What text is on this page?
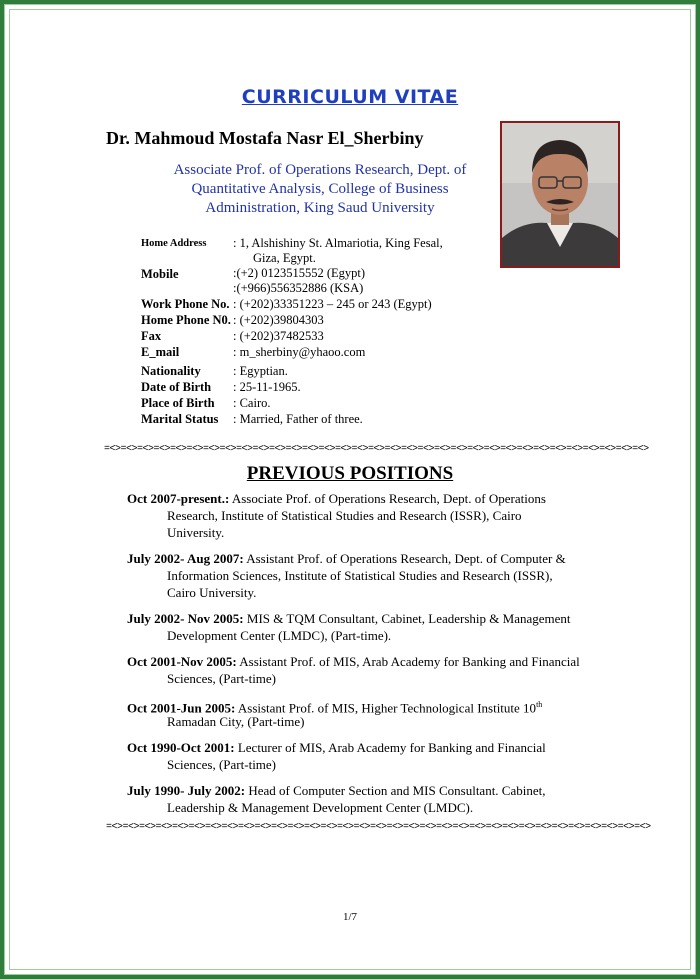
CURRICULUM VITAE
Dr. Mahmoud Mostafa Nasr El_Sherbiny
Associate Prof. of Operations Research, Dept. of
Quantitative Analysis, College of Business
Administration, King Saud University
Home Address : 1, Alshishiny St. Almariotia, King Fesal,
Giza, Egypt.
Mobile	:(+2) 0123515552 (Egypt)
:(+966)556352886 (KSA)
Work Phone No. : (+202)33351223 – 245 or 243 (Egypt)
Home Phone N0. : (+202)39804303
Fax	: (+202)37482533
E_mail	: m_sherbiny@yhaoo.com
Nationality	: Egyptian.
Date of Birth : 25-11-1965.
Place of Birth : Cairo.
Marital Status : Married, Father of three.
=<>=<>=<>=<>=<>=<>=<>=<>=<>=<>=<>=<>=<>=<>=<>=<>=<>=<>=<>=<>=<>=<>=<>=<>=<>=<>=<>=<>=<>=<>=<>=<>=<>
PREVIOUS POSITIONS
Oct 2007-present.: Associate Prof. of Operations Research, Dept. of Operations
Research, Institute of Statistical Studies and Research (ISSR), Cairo
University.
July 2002- Aug 2007: Assistant Prof. of Operations Research, Dept. of Computer &
Information Sciences, Institute of Statistical Studies and Research (ISSR),
Cairo University.
July 2002- Nov 2005: MIS & TQM Consultant, Cabinet, Leadership & Management
Development Center (LMDC), (Part-time).
Oct 2001-Nov 2005: Assistant Prof. of MIS, Arab Academy for Banking and Financial
Sciences, (Part-time)
Oct 2001-Jun 2005: Assistant Prof. of MIS, Higher Technological Institute 10th
Ramadan City, (Part-time)
Oct 1990-Oct 2001: Lecturer of MIS, Arab Academy for Banking and Financial
Sciences, (Part-time)
July 1990- July 2002: Head of Computer Section and MIS Consultant. Cabinet,
Leadership & Management Development Center (LMDC).
=<>=<>=<>=<>=<>=<>=<>=<>=<>=<>=<>=<>=<>=<>=<>=<>=<>=<>=<>=<>=<>=<>=<>=<>=<>=<>=<>=<>=<>=<>=<>=<>=<>
1/7
